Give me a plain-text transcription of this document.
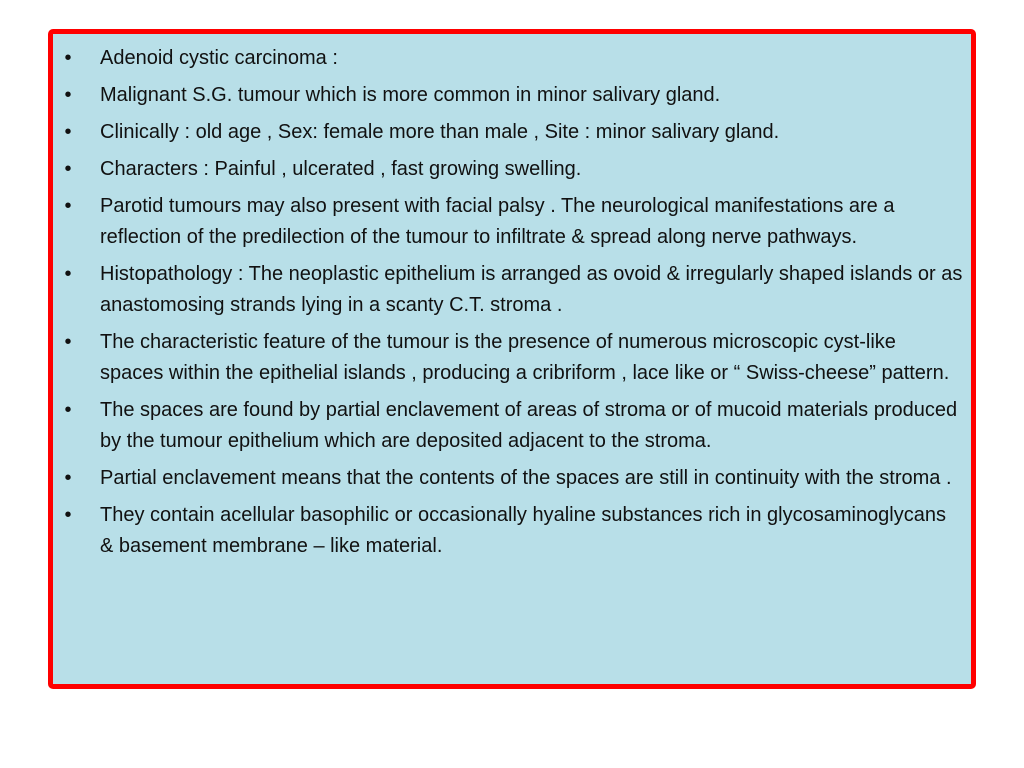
• Adenoid cystic carcinoma :
• Malignant S.G. tumour which is more common in minor salivary gland.
• Clinically : old age , Sex: female more than male , Site : minor salivary gland.
• Characters : Painful , ulcerated , fast growing swelling.
• Parotid tumours may also present with facial palsy . The neurological manifestations are a reflection of the predilection of the tumour to infiltrate & spread along nerve pathways.
• Histopathology : The neoplastic epithelium is arranged as ovoid & irregularly shaped islands or as anastomosing strands lying in a scanty C.T. stroma .
• The characteristic feature of the tumour is the presence of numerous microscopic cyst-like spaces within the epithelial islands , producing a cribriform , lace like or “ Swiss-cheese” pattern.
• The spaces are found by partial enclavement of areas of stroma or of mucoid materials produced by the tumour epithelium which are deposited adjacent to the stroma.
• Partial enclavement means that the contents of the spaces are still in continuity with the stroma .
• They contain acellular basophilic or occasionally hyaline substances rich in glycosaminoglycans & basement membrane – like material.
